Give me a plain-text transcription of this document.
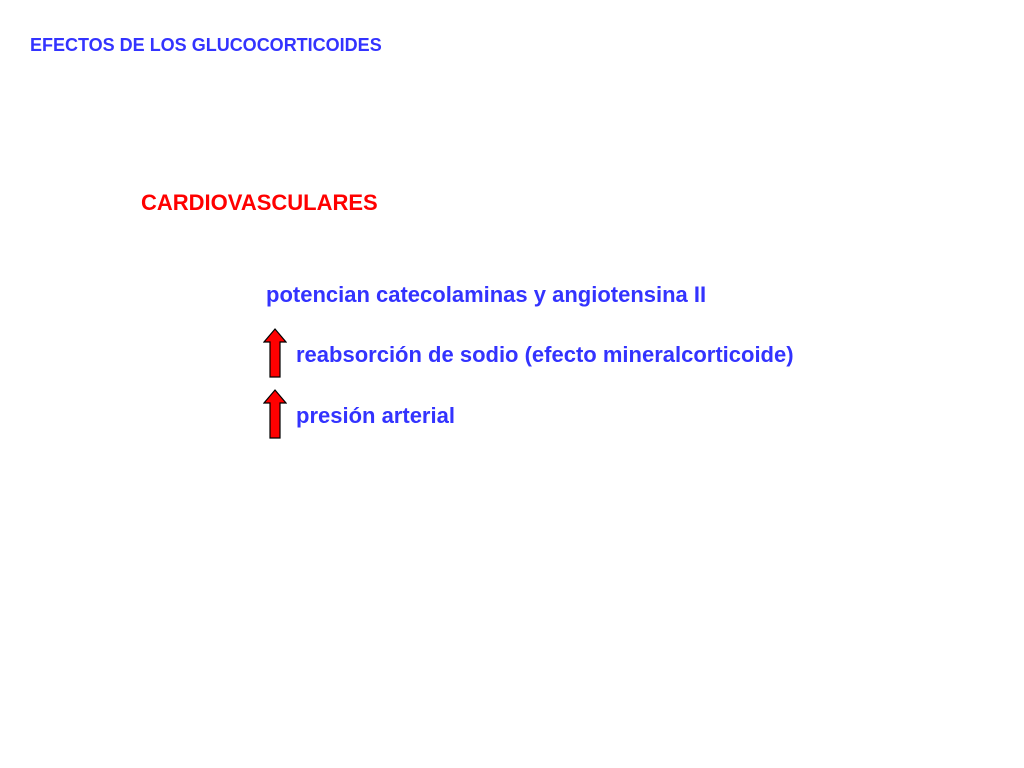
EFECTOS DE LOS GLUCOCORTICOIDES
CARDIOVASCULARES
potencian catecolaminas y angiotensina II
reabsorción de sodio (efecto mineralcorticoide)
presión arterial
